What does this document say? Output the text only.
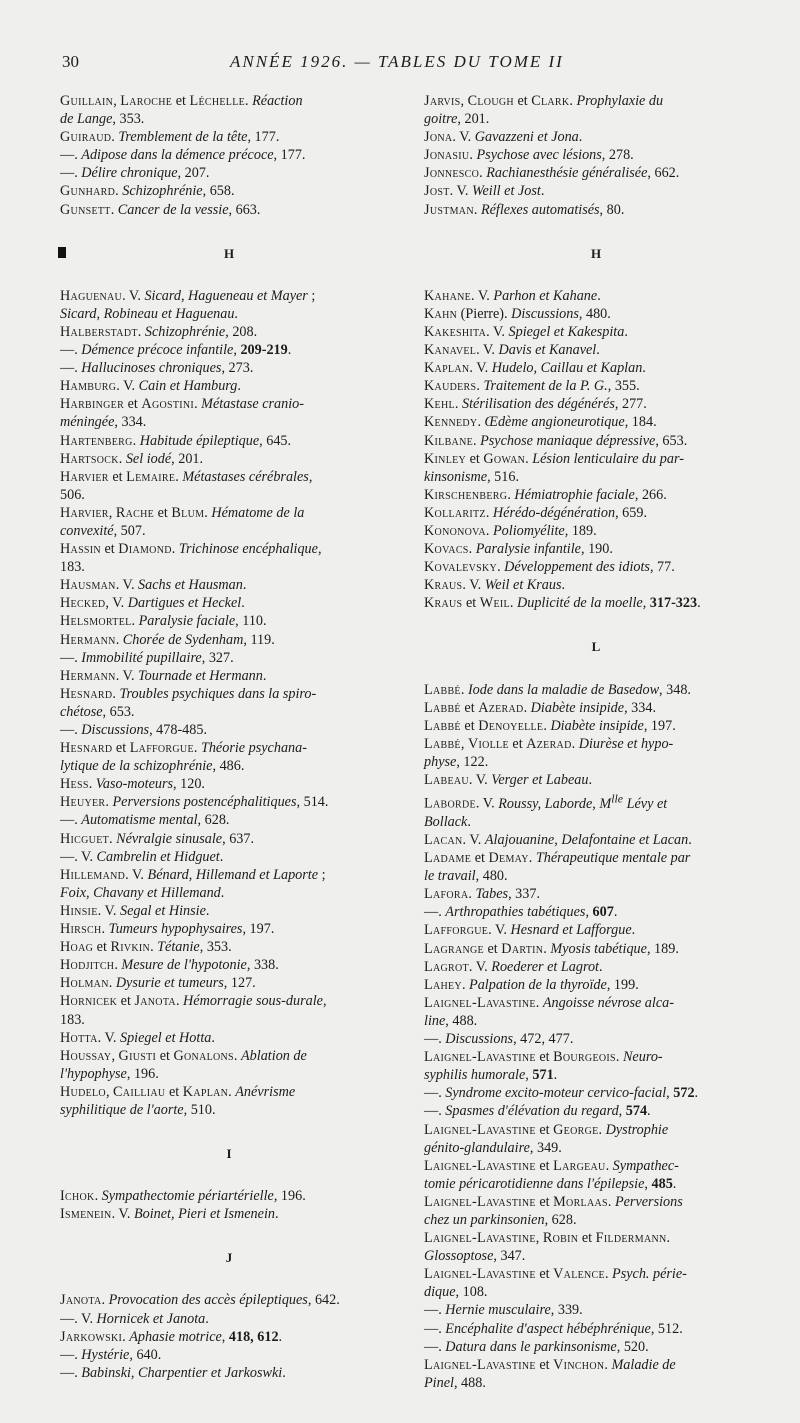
30	ANNÉE 1926. — TABLES DU TOME II
Guillain, Laroche et Léchelle. Réaction
de Lange, 353.
Guiraud. Tremblement de la tête, 177.
—. Adipose dans la démence précoce, 177.
—. Délire chronique, 207.
Gunhard. Schizophrénie, 658.
Gunsett. Cancer de la vessie, 663.
H
Haguenau. V. Sicard, Hagueneau et Mayer ;
Sicard, Robineau et Haguenau.
Halberstadt. Schizophrénie, 208.
—. Démence précoce infantile, 209-219.
—. Hallucinoses chroniques, 273.
Hamburg. V. Cain et Hamburg.
Harbinger et Agostini. Métastase cranio-
méningée, 334.
Hartenberg. Habitude épileptique, 645.
Hartsock. Sel iodé, 201.
Harvier et Lemaire. Métastases cérébrales,
506.
Harvier, Rache et Blum. Hématome de la
convexité, 507.
Hassin et Diamond. Trichinose encéphalique,
183.
Hausman. V. Sachs et Hausman.
Hecked, V. Dartigues et Heckel.
Helsmortel. Paralysie faciale, 110.
Hermann. Chorée de Sydenham, 119.
—. Immobilité pupillaire, 327.
Hermann. V. Tournade et Hermann.
Hesnard. Troubles psychiques dans la spiro-
chétose, 653.
—. Discussions, 478-485.
Hesnard et Lafforgue. Théorie psychana-
lytique de la schizophrénie, 486.
Hess. Vaso-moteurs, 120.
Heuyer. Perversions postencéphalitiques, 514.
—. Automatisme mental, 628.
Hicguet. Névralgie sinusale, 637.
—. V. Cambrelin et Hidguet.
Hillemand. V. Bénard, Hillemand et Laporte ;
Foix, Chavany et Hillemand.
Hinsie. V. Segal et Hinsie.
Hirsch. Tumeurs hypophysaires, 197.
Hoag et Rivkin. Tétanie, 353.
Hodjitch. Mesure de l'hypotonie, 338.
Holman. Dysurie et tumeurs, 127.
Hornicek et Janota. Hémorragie sous-durale,
183.
Hotta. V. Spiegel et Hotta.
Houssay, Giusti et Gonalons. Ablation de
l'hypophyse, 196.
Hudelo, Cailliau et Kaplan. Anévrisme
syphilitique de l'aorte, 510.
I
Ichok. Sympathectomie périartérielle, 196.
Ismenein. V. Boinet, Pieri et Ismenein.
J
Janota. Provocation des accès épileptiques, 642.
—. V. Hornicek et Janota.
Jarkowski. Aphasie motrice, 418, 612.
—. Hystérie, 640.
—. Babinski, Charpentier et Jarkoswki.
Jarvis, Clough et Clark. Prophylaxie du
goitre, 201.
Jona. V. Gavazzeni et Jona.
Jonasiu. Psychose avec lésions, 278.
Jonnesco. Rachianesthésie généralisée, 662.
Jost. V. Weill et Jost.
Justman. Réflexes automatisés, 80.
H
Kahane. V. Parhon et Kahane.
Kahn (Pierre). Discussions, 480.
Kakeshita. V. Spiegel et Kakespita.
Kanavel. V. Davis et Kanavel.
Kaplan. V. Hudelo, Caillau et Kaplan.
Kauders. Traitement de la P. G., 355.
Kehl. Stérilisation des dégénérés, 277.
Kennedy. Œdème angioneurotique, 184.
Kilbane. Psychose maniaque dépressive, 653.
Kinley et Gowan. Lésion lenticulaire du par-
kinsonisme, 516.
Kirschenberg. Hémiatrophie faciale, 266.
Kollaritz. Hérédo-dégénération, 659.
Kononova. Poliomyélite, 189.
Kovacs. Paralysie infantile, 190.
Kovalevsky. Développement des idiots, 77.
Kraus. V. Weil et Kraus.
Kraus et Weil. Duplicité de la moelle, 317-323.
L
Labbé. Iode dans la maladie de Basedow, 348.
Labbé et Azerad. Diabète insipide, 334.
Labbé et Denoyelle. Diabète insipide, 197.
Labbé, Violle et Azerad. Diurèse et hypo-
physe, 122.
Labeau. V. Verger et Labeau.
Laborde. V. Roussy, Laborde, $M^{lle}$ Lévy et
Bollack.
Lacan. V. Alajouanine, Delafontaine et Lacan.
Ladame et Demay. Thérapeutique mentale par
le travail, 480.
Lafora. Tabes, 337.
—. Arthropathies tabétiques, 607.
Lafforgue. V. Hesnard et Lafforgue.
Lagrange et Dartin. Myosis tabétique, 189.
Lagrot. V. Roederer et Lagrot.
Lahey. Palpation de la thyroïde, 199.
Laignel-Lavastine. Angoisse névrose alca-
line, 488.
—. Discussions, 472, 477.
Laignel-Lavastine et Bourgeois. Neuro-
syphilis humorale, 571.
—. Syndrome excito-moteur cervico-facial, 572.
—. Spasmes d'élévation du regard, 574.
Laignel-Lavastine et George. Dystrophie
génito-glandulaire, 349.
Laignel-Lavastine et Largeau. Sympathec-
tomie péricarotidienne dans l'épilepsie, 485.
Laignel-Lavastine et Morlaas. Perversions
chez un parkinsonien, 628.
Laignel-Lavastine, Robin et Fildermann.
Glossoptose, 347.
Laignel-Lavastine et Valence. Psych. périe-
dique, 108.
—. Hernie musculaire, 339.
—. Encéphalite d'aspect hébéphrénique, 512.
—. Datura dans le parkinsonisme, 520.
Laignel-Lavastine et Vinchon. Maladie de
Pinel, 488.
